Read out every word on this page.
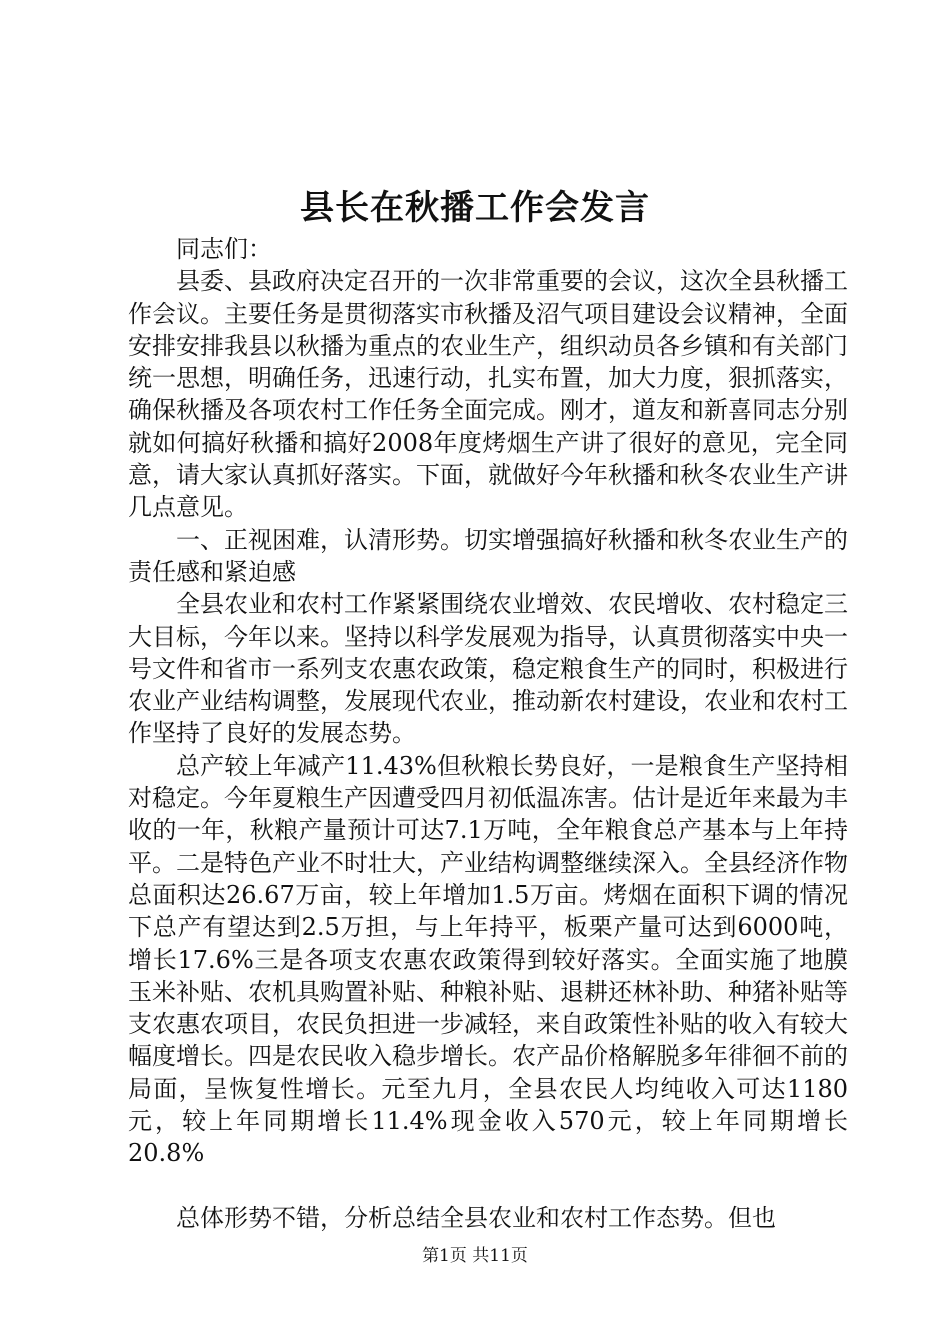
县长在秋播工作会发言

同志们：

县委、县政府决定召开的一次非常重要的会议，这次全县秋播工作会议。主要任务是贯彻落实市秋播及沼气项目建设会议精神，全面安排安排我县以秋播为重点的农业生产，组织动员各乡镇和有关部门统一思想，明确任务，迅速行动，扎实布置，加大力度，狠抓落实，确保秋播及各项农村工作任务全面完成。刚才，道友和新喜同志分别就如何搞好秋播和搞好2008年度烤烟生产讲了很好的意见，完全同意，请大家认真抓好落实。下面，就做好今年秋播和秋冬农业生产讲几点意见。

一、正视困难，认清形势。切实增强搞好秋播和秋冬农业生产的责任感和紧迫感

全县农业和农村工作紧紧围绕农业增效、农民增收、农村稳定三大目标，今年以来。坚持以科学发展观为指导，认真贯彻落实中央一号文件和省市一系列支农惠农政策，稳定粮食生产的同时，积极进行农业产业结构调整，发展现代农业，推动新农村建设，农业和农村工作坚持了良好的发展态势。

总产较上年减产11.43%但秋粮长势良好，一是粮食生产坚持相对稳定。今年夏粮生产因遭受四月初低温冻害。估计是近年来最为丰收的一年，秋粮产量预计可达7.1万吨，全年粮食总产基本与上年持平。二是特色产业不时壮大，产业结构调整继续深入。全县经济作物总面积达26.67万亩，较上年增加1.5万亩。烤烟在面积下调的情况下总产有望达到2.5万担，与上年持平，板栗产量可达到6000吨，增长17.6%三是各项支农惠农政策得到较好落实。全面实施了地膜玉米补贴、农机具购置补贴、种粮补贴、退耕还林补助、种猪补贴等支农惠农项目，农民负担进一步减轻，来自政策性补贴的收入有较大幅度增长。四是农民收入稳步增长。农产品价格解脱多年徘徊不前的局面，呈恢复性增长。元至九月，全县农民人均纯收入可达1180元，较上年同期增长11.4%现金收入570元，较上年同期增长20.8%

总体形势不错，分析总结全县农业和农村工作态势。但也

第1页 共11页
